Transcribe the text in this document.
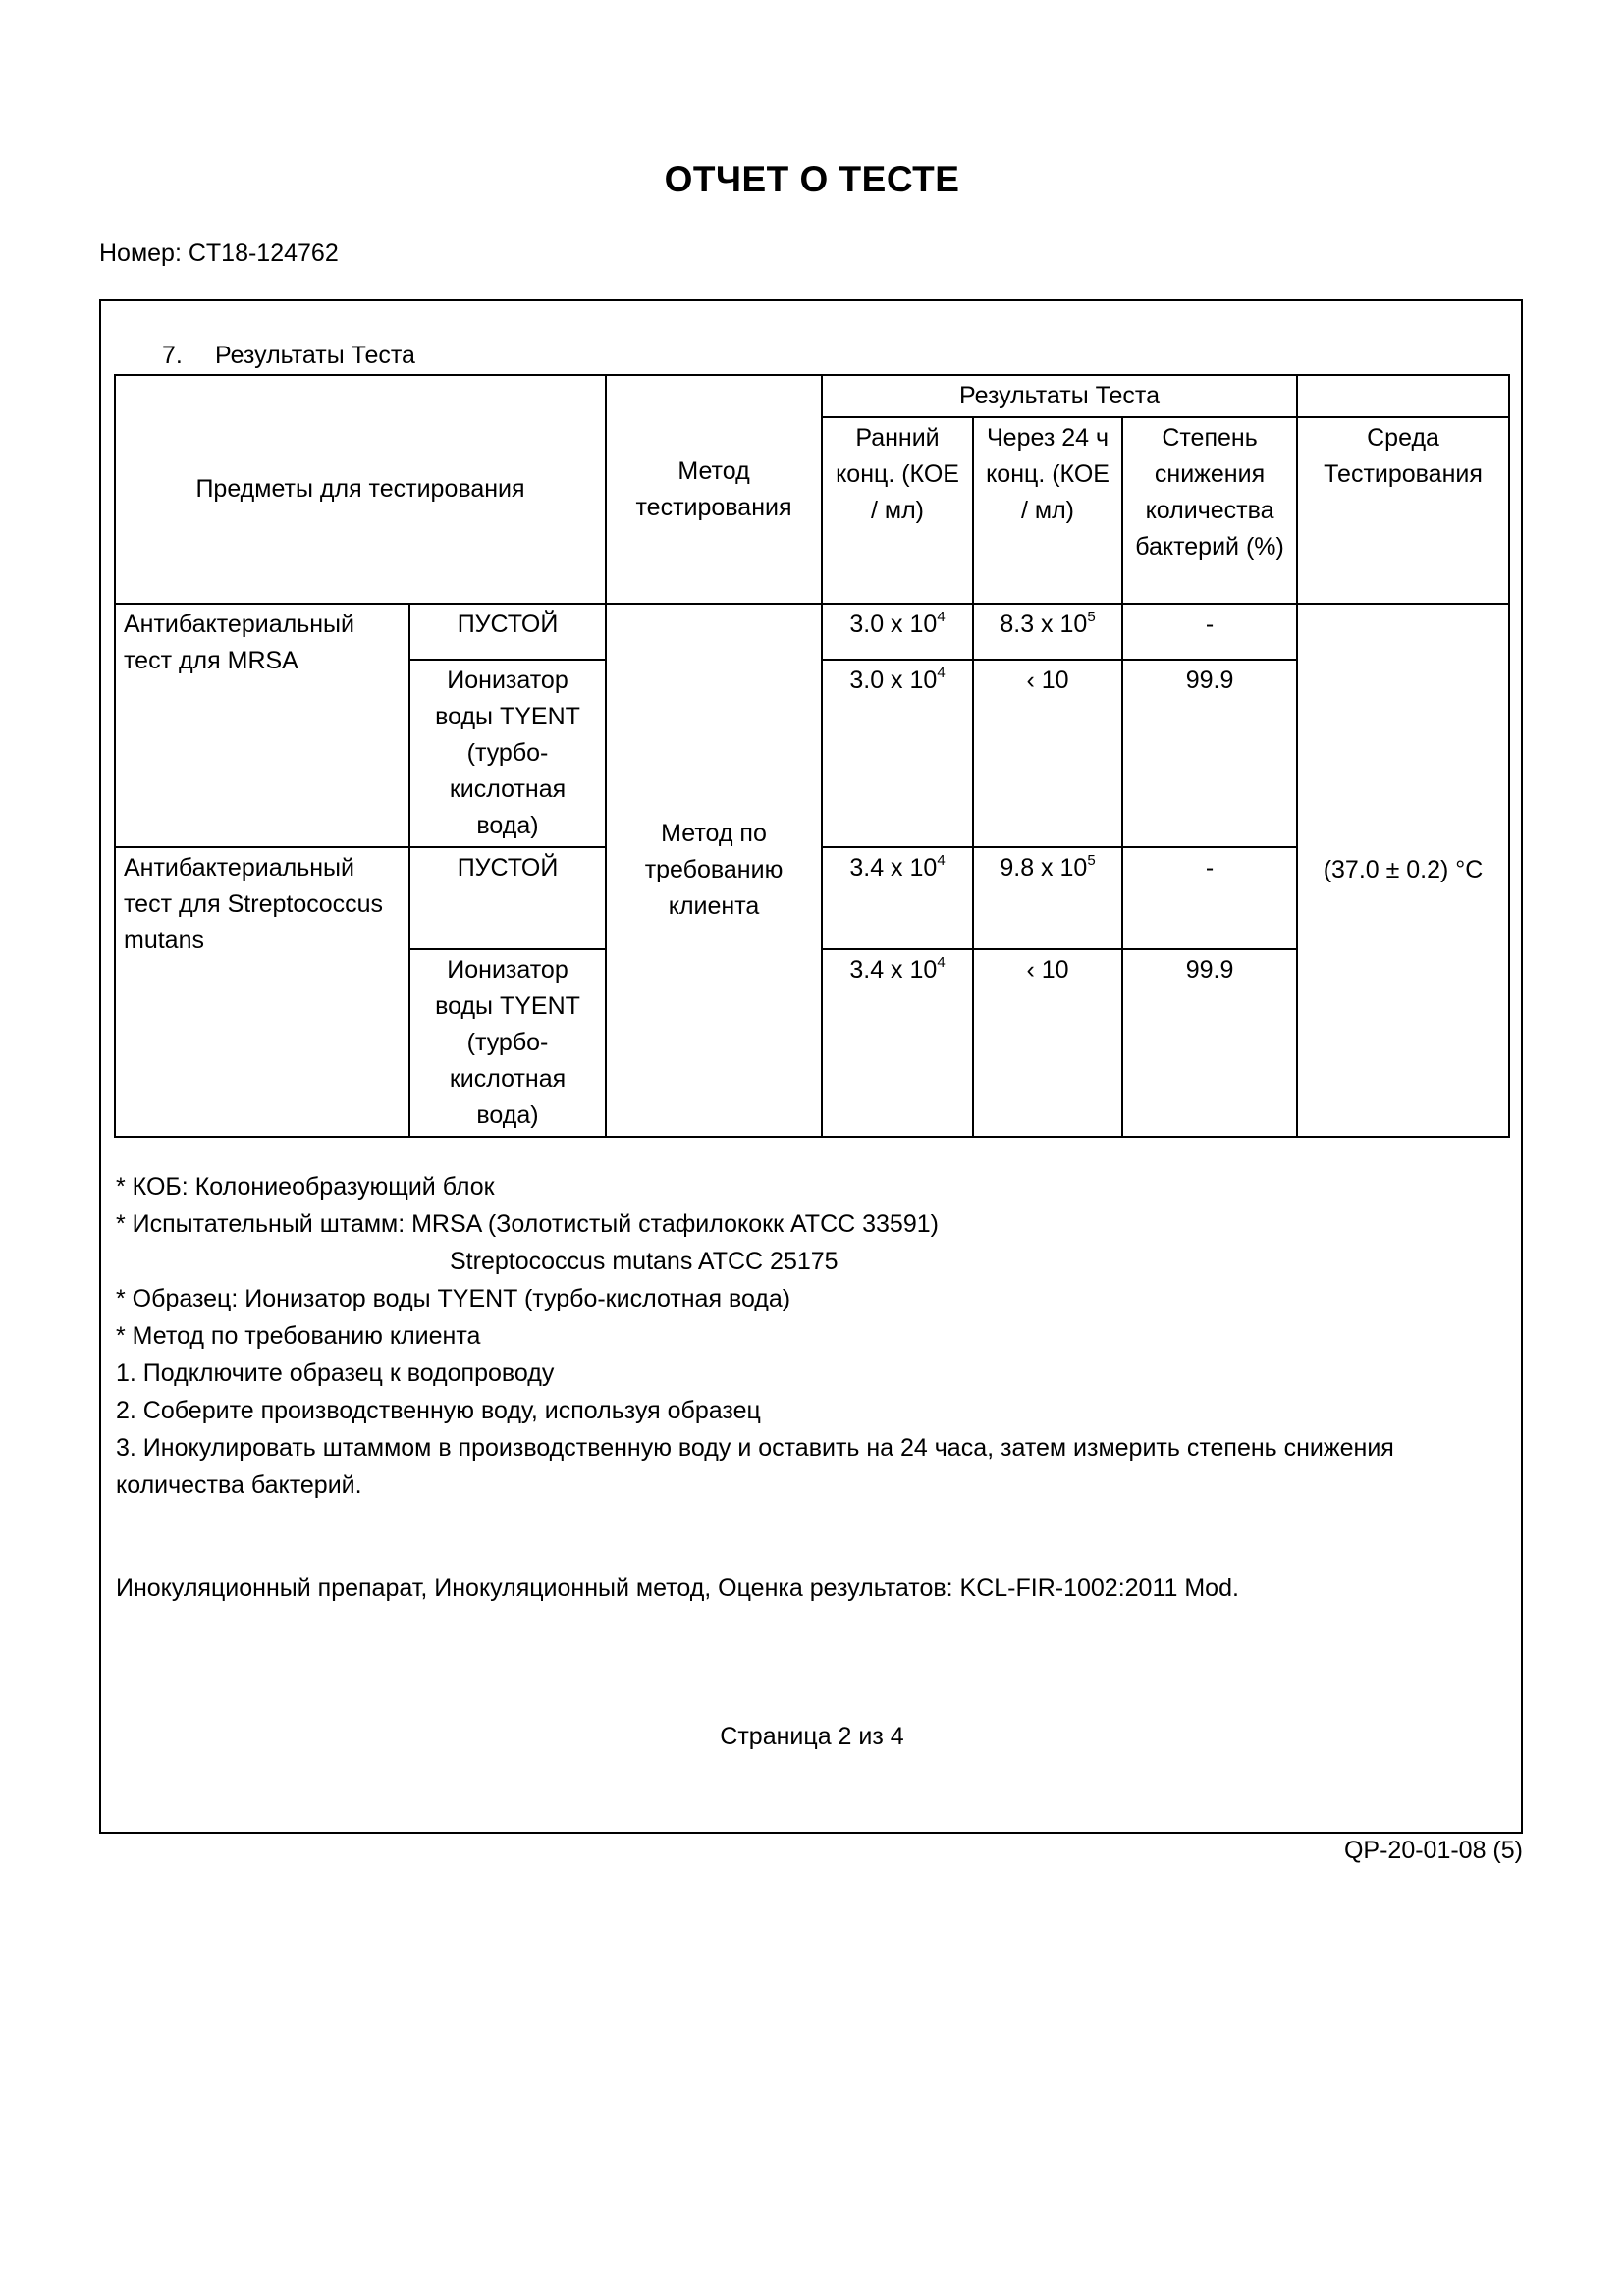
ОТЧЕТ О ТЕСТЕ
Номер: CT18-124762
7. Результаты Теста
Предметы для тестирования		Метод тестирования	Результаты Теста			
			Ранний конц. (КОЕ / мл)	Через 24 ч конц. (КОЕ / мл)	Степень снижения количества бактерий (%)	Среда Тестирования
Антибактериальный тест для MRSA	ПУСТОЙ	Метод по требованию клиента	3.0 x $10^4$	8.3 x $10^5$	-	(37.0 ± 0.2) °C
	Ионизатор воды TYENT (турбо-кислотная вода)		3.0 x $10^4$	‹ 10	99.9	
Антибактериальный тест для Streptococcus mutans	ПУСТОЙ		3.4 x $10^4$	9.8 x $10^5$	-	
	Ионизатор воды TYENT (турбо-кислотная вода)		3.4 x $10^4$	‹ 10	99.9	
* КОБ: Колониеобразующий блок
* Испытательный штамм: MRSA (Золотистый стафилококк ATCC 33591)
Streptococcus mutans ATCC 25175
* Образец: Ионизатор воды TYENT (турбо-кислотная вода)
* Метод по требованию клиента
1. Подключите образец к водопроводу
2. Соберите производственную воду, используя образец
3. Инокулировать штаммом в производственную воду и оставить на 24 часа, затем измерить степень снижения количества бактерий.
Инокуляционный препарат, Инокуляционный метод, Оценка результатов: KCL-FIR-1002:2011 Mod.
Страница 2 из 4
QP-20-01-08 (5)
